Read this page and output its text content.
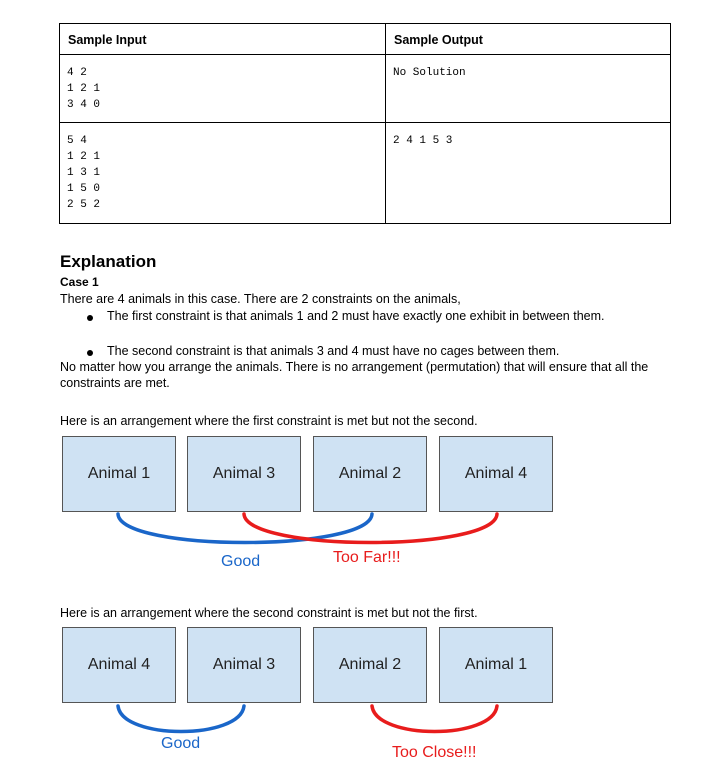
Sample Input	Sample Output

4 2
1 2 1
3 4 0	No Solution

5 4
1 2 1
1 3 1
1 5 0
2 5 2	2 4 1 5 3
Explanation
Case 1
There are 4 animals in this case. There are 2 constraints on the animals,
The first constraint is that animals 1 and 2 must have exactly one exhibit in between them.
The second constraint is that animals 3 and 4 must have no cages between them.
No matter how you arrange the animals. There is no arrangement (permutation) that will ensure that all the constraints are met.
Here is an arrangement where the first constraint is met but not the second.
Animal 1	Animal 3	Animal 2	Animal 4
Here is an arrangement where the second constraint is met but not the first.
Animal 4	Animal 3	Animal 2	Animal 1
Good	Too Far!!!
Good
Too Close!!!
